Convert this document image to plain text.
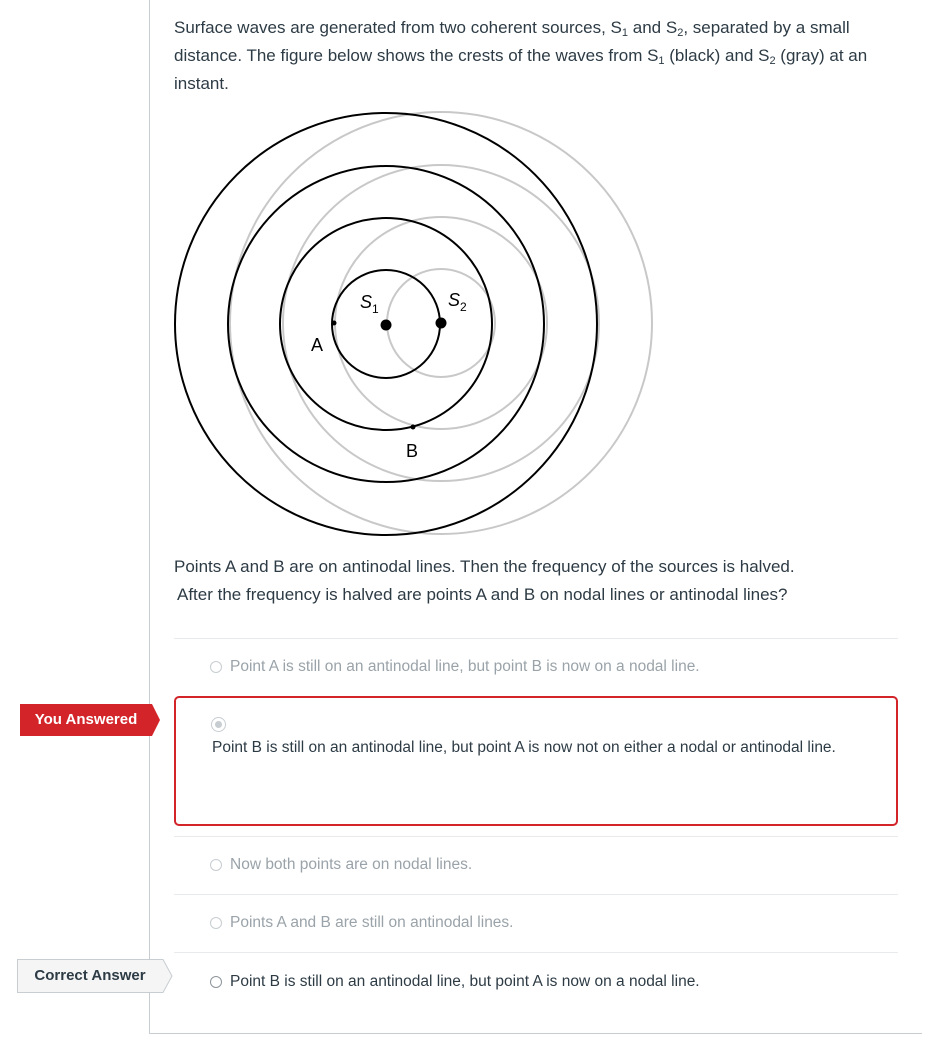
Surface waves are generated from two coherent sources, $S_1$ and $S_2$, separated by a small distance. The figure below shows the crests of the waves from $S_1$ (black) and $S_2$ (gray) at an instant.
$S_1$	$S_2$
A
B

Points A and B are on antinodal lines. Then the frequency of the sources is halved.

After the frequency is halved are points A and B on nodal lines or antinodal lines?

Point A is still on an antinodal line, but point B is now on a nodal line.
Point B is still on an antinodal line, but point A is now not on either a nodal or antinodal line.
Now both points are on nodal lines.
Points A and B are still on antinodal lines.
Point B is still on an antinodal line, but point A is now on a nodal line.
You Answered
Correct Answer
